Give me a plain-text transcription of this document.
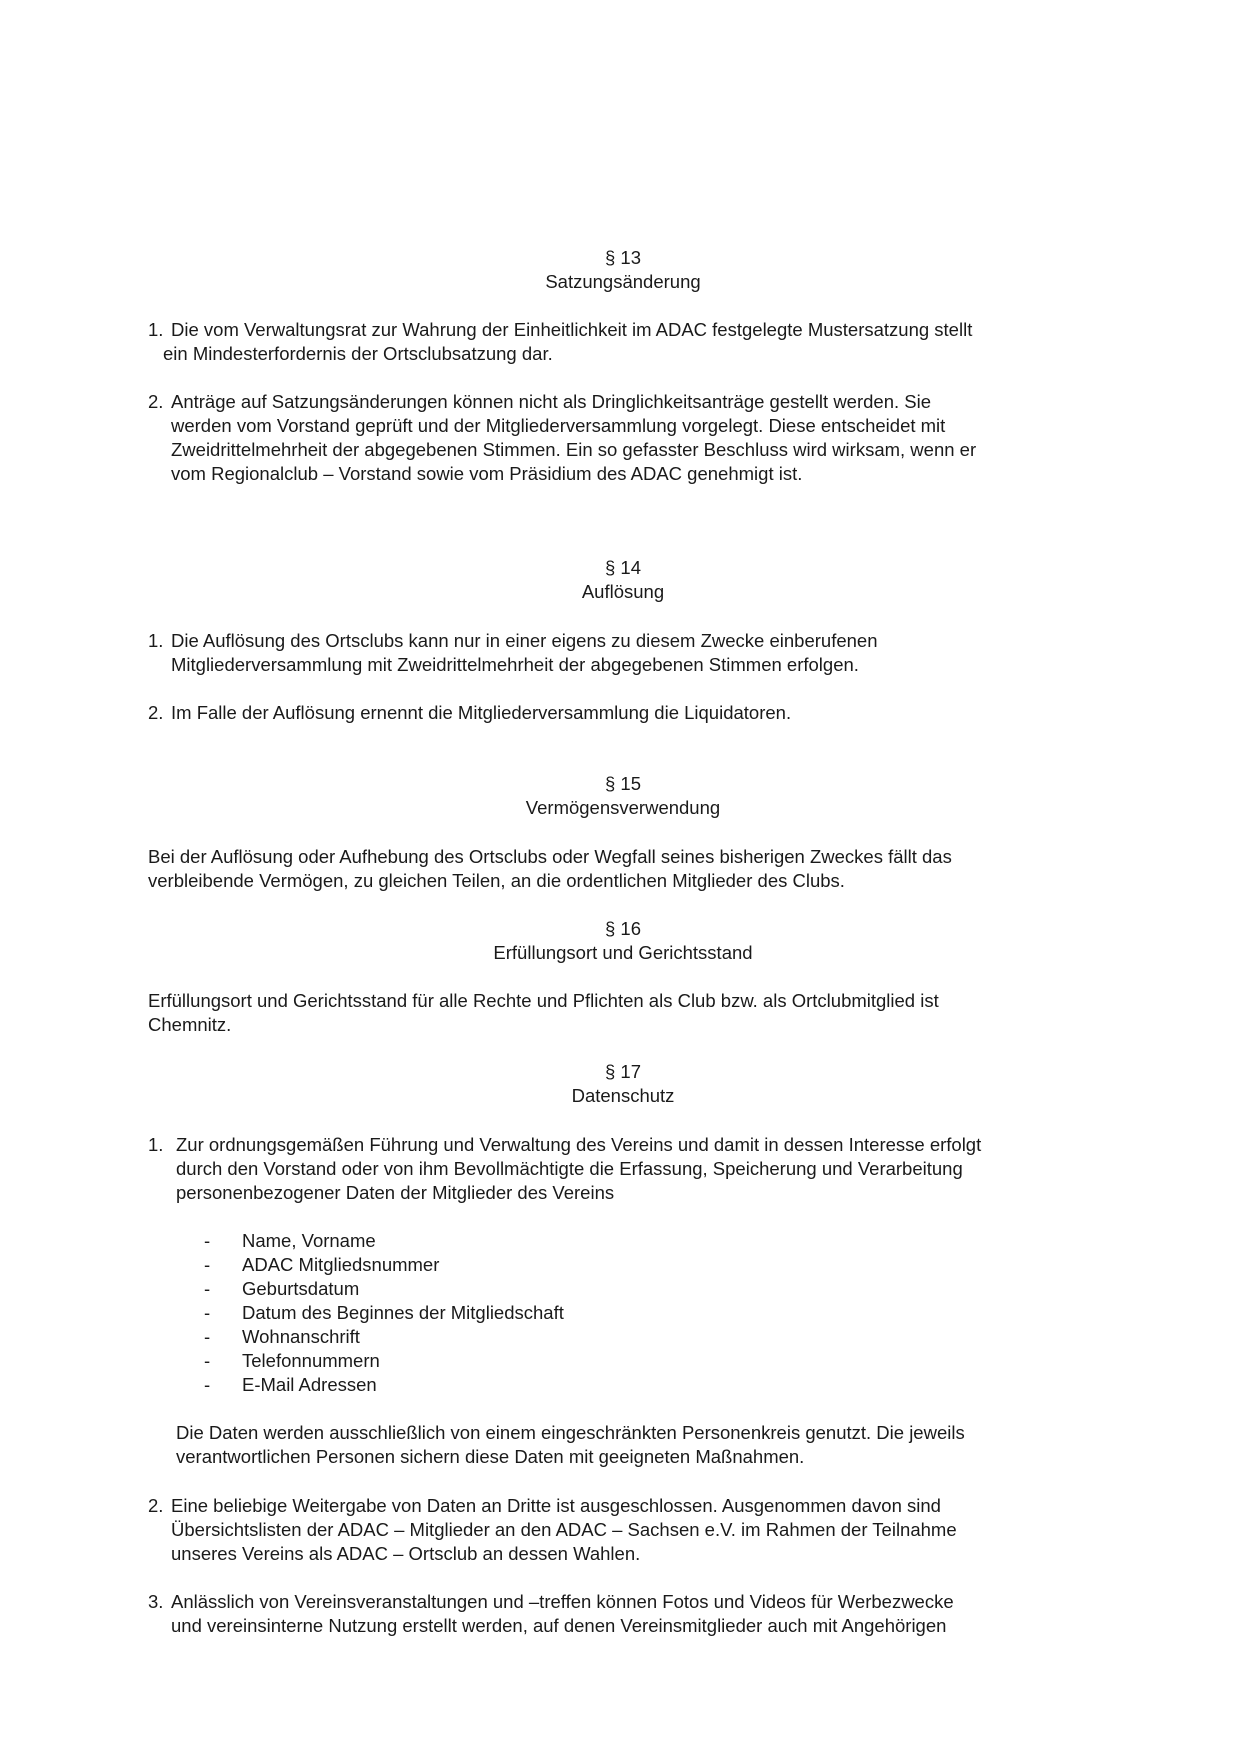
§ 13
Satzungsänderung
1. Die vom Verwaltungsrat zur Wahrung der Einheitlichkeit im ADAC festgelegte Mustersatzung stellt
ein Mindesterfordernis der Ortsclubsatzung dar.
2. Anträge auf Satzungsänderungen können nicht als Dringlichkeitsanträge gestellt werden. Sie
werden vom Vorstand geprüft und der Mitgliederversammlung vorgelegt. Diese entscheidet mit
Zweidrittelmehrheit der abgegebenen Stimmen. Ein so gefasster Beschluss wird wirksam, wenn er
vom Regionalclub – Vorstand sowie vom Präsidium des ADAC genehmigt ist.
§ 14
Auflösung
1. Die Auflösung des Ortsclubs kann nur in einer eigens zu diesem Zwecke einberufenen
Mitgliederversammlung mit Zweidrittelmehrheit der abgegebenen Stimmen erfolgen.
2. Im Falle der Auflösung ernennt die Mitgliederversammlung die Liquidatoren.
§ 15
Vermögensverwendung
Bei der Auflösung oder Aufhebung des Ortsclubs oder Wegfall seines bisherigen Zweckes fällt das
verbleibende Vermögen, zu gleichen Teilen, an die ordentlichen Mitglieder des Clubs.
§ 16
Erfüllungsort und Gerichtsstand
Erfüllungsort und Gerichtsstand für alle Rechte und Pflichten als Club bzw. als Ortclubmitglied ist
Chemnitz.
§ 17
Datenschutz
1. Zur ordnungsgemäßen Führung und Verwaltung des Vereins und damit in dessen Interesse erfolgt
durch den Vorstand oder von ihm Bevollmächtigte die Erfassung, Speicherung und Verarbeitung
personenbezogener Daten der Mitglieder des Vereins
- Name, Vorname
- ADAC Mitgliedsnummer
- Geburtsdatum
- Datum des Beginnes der Mitgliedschaft
- Wohnanschrift
- Telefonnummern
- E-Mail Adressen
Die Daten werden ausschließlich von einem eingeschränkten Personenkreis genutzt. Die jeweils
verantwortlichen Personen sichern diese Daten mit geeigneten Maßnahmen.
2. Eine beliebige Weitergabe von Daten an Dritte ist ausgeschlossen. Ausgenommen davon sind
Übersichtslisten der ADAC – Mitglieder an den ADAC – Sachsen e.V. im Rahmen der Teilnahme
unseres Vereins als ADAC – Ortsclub an dessen Wahlen.
3. Anlässlich von Vereinsveranstaltungen und –treffen können Fotos und Videos für Werbezwecke
und vereinsinterne Nutzung erstellt werden, auf denen Vereinsmitglieder auch mit Angehörigen
